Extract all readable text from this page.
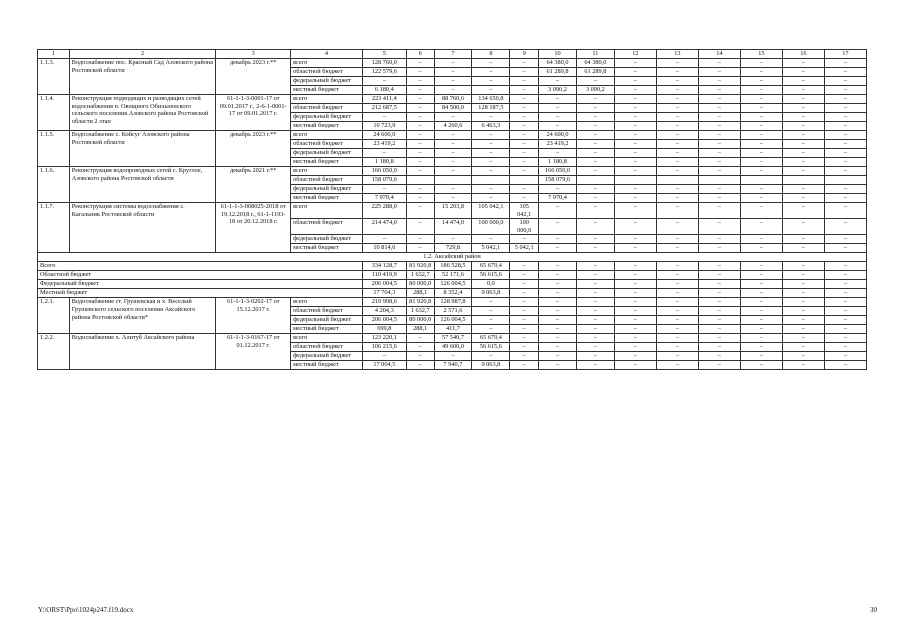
1	2	3	4	5	6	7	8	9	10	11	12	13	14	15	16	17
1.1.3.	Водоснабжение пос. Красный Сад Азовского района Ростовской области	декабрь 2023 г.**	всего	128 760,0	–	–	–	–	64 380,0	64 380,0	–	–	–	–	–	–
			областной бюджет	122 579,6	–	–	–	–	61 289,8	61 289,8	–	–	–	–	–	–
			федеральный бюджет	–	–	–	–	–	–	–	–	–	–	–	–	–
			местный бюджет	6 180,4	–	–	–	–	3 090,2	3 090,2	–	–	–	–	–	–
1.1.4.	Реконструкция подводящих и разводящих сетей водоснабжения п. Овощного Обильненского сельского поселения Азовского района Ростовской области 2 этап	61-1-1-3-0001-17 от 09.01.2017 г., 2-6-1-0001-17 от 09.01.2017 г.	всего	223 411,4	–	88 760,6	134 650,8	–	–	–	–	–	–	–	–	–
			областной бюджет	212 687,5	–	84 500,0	128 187,5	–	–	–	–	–	–	–	–	–
			федеральный бюджет	–	–	–	–	–	–	–	–	–	–	–	–	–
			местный бюджет	10 723,9	–	4 260,6	6 463,3	–	–	–	–	–	–	–	–	–
1.1.5.	Водоснабжение с. Койсуг Азовского района Ростовской области	декабрь 2023 г.**	всего	24 600,0	–	–	–	–	24 600,0	–	–	–	–	–	–	–
			областной бюджет	23 419,2	–	–	–	–	23 419,2	–	–	–	–	–	–	–
			федеральный бюджет	–	–	–	–	–	–	–	–	–	–	–	–	–
			местный бюджет	1 180,8	–	–	–	–	1 180,8	–	–	–	–	–	–	–
1.1.6.	Реконструкция водопроводных сетей с. Круглое, Азовского района Ростовской области	декабрь 2021 г.**	всего	166 050,0	–	–	–	–	166 050,0	–	–	–	–	–	–	–
			областной бюджет	158 079,6					158 079,6							
			федеральный бюджет	–	–	–	–	–	–	–	–	–	–	–	–	–
			местный бюджет	7 970,4	–	–	–	–	7 970,4	–	–	–	–	–	–	–
1.1.7.	Реконструкция системы водоснабжения с. Кагальник Ростовской области	61-1-1-3-008025-2018 от 19.12.2018 г., 61-1-1193-18 от 20.12.2018 г.	всего	225 288,0	–	15 203,8	105 042,1	105 042,1	–	–	–	–	–	–	–	–
			областной бюджет	214 474,0	–	14 474,0	100 000,0	100 000,0	–	–	–	–	–	–	–	–
			федеральный бюджет	–	–	–	–	–	–	–	–	–	–	–	–	–
			местный бюджет	10 814,0	–	729,8	5 042,1	5 042,1	–	–	–	–	–	–	–	–
1.2. Аксайский район																
Всего				334 128,7	81 920,8	186 528,5	65 679,4	–	–	–	–	–	–	–	–	–
Областной бюджет				110 419,9	1 632,7	52 171,6	56 615,6	–	–	–	–	–	–	–	–	–
Федеральный бюджет				206 004,5	80 000,0	126 004,5	0,0	–	–	–	–	–	–	–	–	–
Местный бюджет				17 704,3	288,1	8 352,4	9 063,8	–	–	–	–	–	–	–	–	–
1.2.1.	Водоснабжение ст. Грушевская и х. Веселый Грушевского сельского поселения Аксайского района Ростовской области*	61-1-1-3-0202-17 от 15.12.2017 г.	всего	210 908,6	81 920,8	128 987,8	–	–	–	–	–	–	–	–	–	–
			областной бюджет	4 204,3	1 632,7	2 571,6	–	–	–	–	–	–	–	–	–	–
			федеральный бюджет	206 004,5	80 000,0	126 004,5	–	–	–	–	–	–	–	–	–	–
			местный бюджет	699,8	288,1	411,7	–	–	–	–	–	–	–	–	–	–
1.2.2.	Водоснабжение х. Алитуб Аксайского района	61-1-1-3-0167-17 от 01.12.2017 г.	всего	123 220,1	–	57 540,7	65 679,4	–	–	–	–	–	–	–	–	–
			областной бюджет	106 215,6	–	49 600,0	56 615,6	–	–	–	–	–	–	–	–	–
			федеральный бюджет	–	–	–	–	–	–	–	–	–	–	–	–	–
			местный бюджет	17 004,5	–	7 940,7	9 063,8	–	–	–	–	–	–	–	–	–
Y:\ORST\Ppo\1024p247.f19.docx	30
